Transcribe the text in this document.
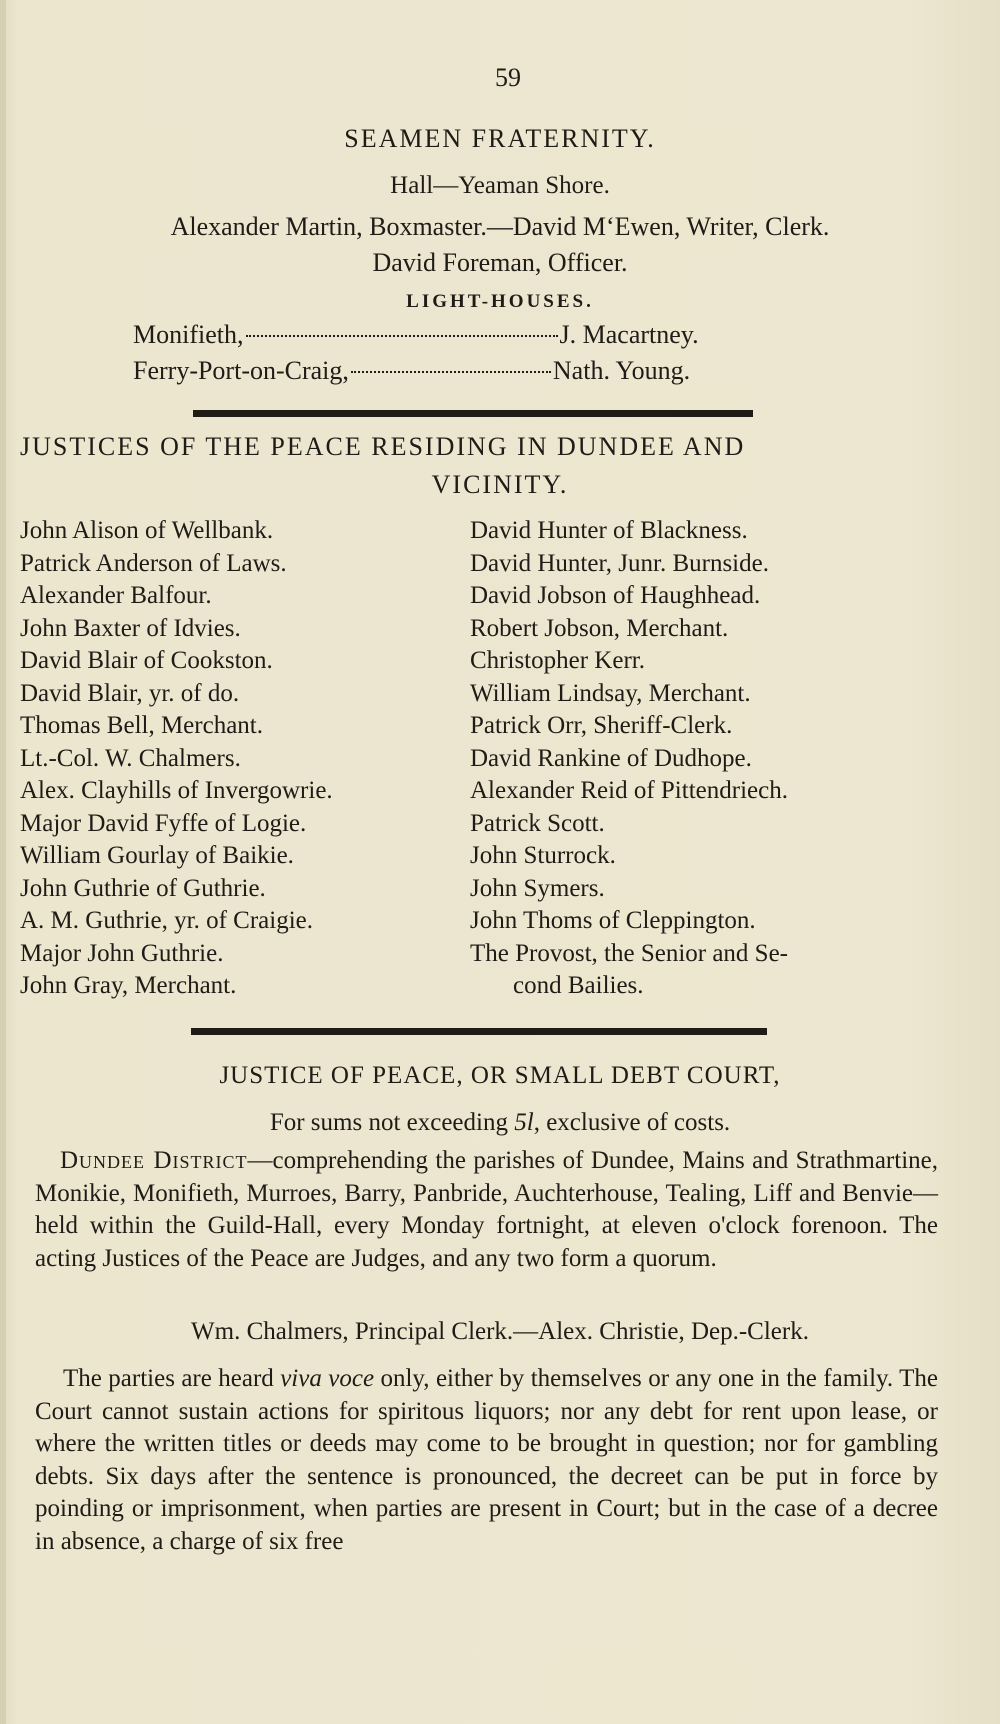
59
SEAMEN FRATERNITY.
Hall—Yeaman Shore.
Alexander Martin, Boxmaster.—David M‘Ewen, Writer, Clerk.
David Foreman, Officer.
LIGHT-HOUSES.
Monifieth,	J. Macartney.
Ferry-Port-on-Craig,	Nath. Young.
JUSTICES OF THE PEACE RESIDING IN DUNDEE AND
VICINITY.
John Alison of Wellbank.
Patrick Anderson of Laws.
Alexander Balfour.
John Baxter of Idvies.
David Blair of Cookston.
David Blair, yr. of do.
Thomas Bell, Merchant.
Lt.-Col. W. Chalmers.
Alex. Clayhills of Invergowrie.
Major David Fyffe of Logie.
William Gourlay of Baikie.
John Guthrie of Guthrie.
A. M. Guthrie, yr. of Craigie.
Major John Guthrie.
John Gray, Merchant.
David Hunter of Blackness.
David Hunter, Junr. Burnside.
David Jobson of Haughhead.
Robert Jobson, Merchant.
Christopher Kerr.
William Lindsay, Merchant.
Patrick Orr, Sheriff-Clerk.
David Rankine of Dudhope.
Alexander Reid of Pittendriech.
Patrick Scott.
John Sturrock.
John Symers.
John Thoms of Cleppington.
The Provost, the Senior and Se-
cond Bailies.
JUSTICE OF PEACE, OR SMALL DEBT COURT,
For sums not exceeding 5l, exclusive of costs.
Dundee District—comprehending the parishes of Dundee, Mains and Strathmartine, Monikie, Monifieth, Murroes, Barry, Panbride, Auchterhouse, Tealing, Liff and Benvie—held within the Guild-Hall, every Monday fortnight, at eleven o'clock forenoon. The acting Justices of the Peace are Judges, and any two form a quorum.
Wm. Chalmers, Principal Clerk.—Alex. Christie, Dep.-Clerk.
The parties are heard viva voce only, either by themselves or any one in the family. The Court cannot sustain actions for spiritous liquors; nor any debt for rent upon lease, or where the written titles or deeds may come to be brought in question; nor for gambling debts. Six days after the sentence is pronounced, the decreet can be put in force by poinding or imprisonment, when parties are present in Court; but in the case of a decree in absence, a charge of six free
